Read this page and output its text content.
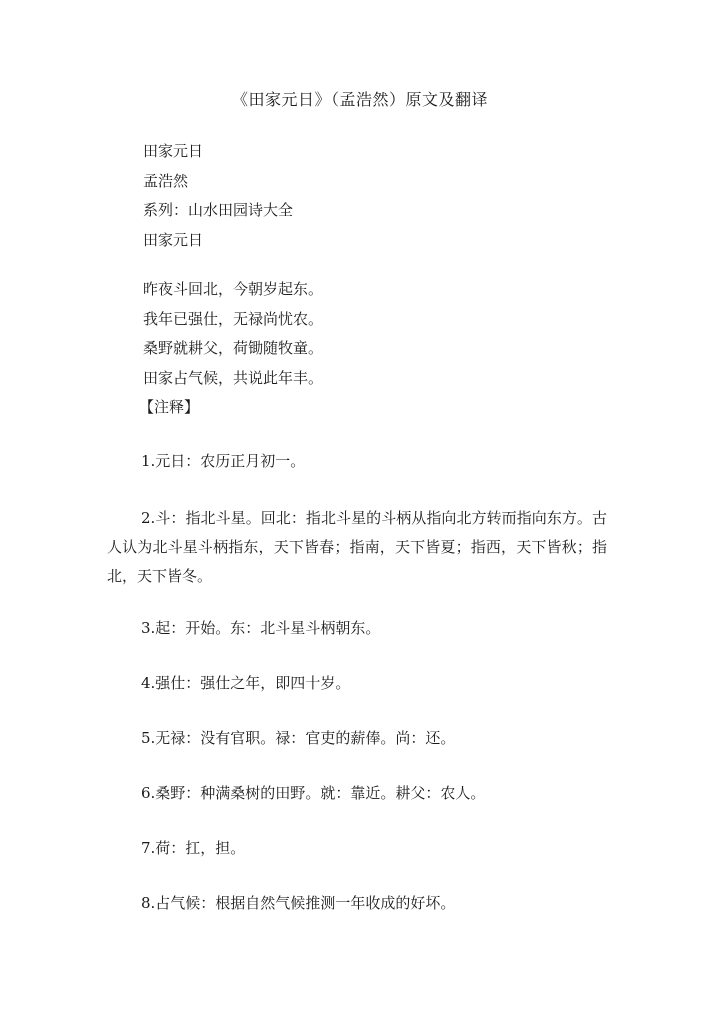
《田家元日》（孟浩然）原文及翻译
田家元日
孟浩然
系列：山水田园诗大全
田家元日
昨夜斗回北，今朝岁起东。
我年已强仕，无禄尚忧农。
桑野就耕父，荷锄随牧童。
田家占气候，共说此年丰。
【注释】
1.元日：农历正月初一。
2.斗：指北斗星。回北：指北斗星的斗柄从指向北方转而指向东方。古人认为北斗星斗柄指东，天下皆春；指南，天下皆夏；指西，天下皆秋；指北，天下皆冬。
3.起：开始。东：北斗星斗柄朝东。
4.强仕：强仕之年，即四十岁。
5.无禄：没有官职。禄：官吏的薪俸。尚：还。
6.桑野：种满桑树的田野。就：靠近。耕父：农人。
7.荷：扛，担。
8.占气候：根据自然气候推测一年收成的好坏。
